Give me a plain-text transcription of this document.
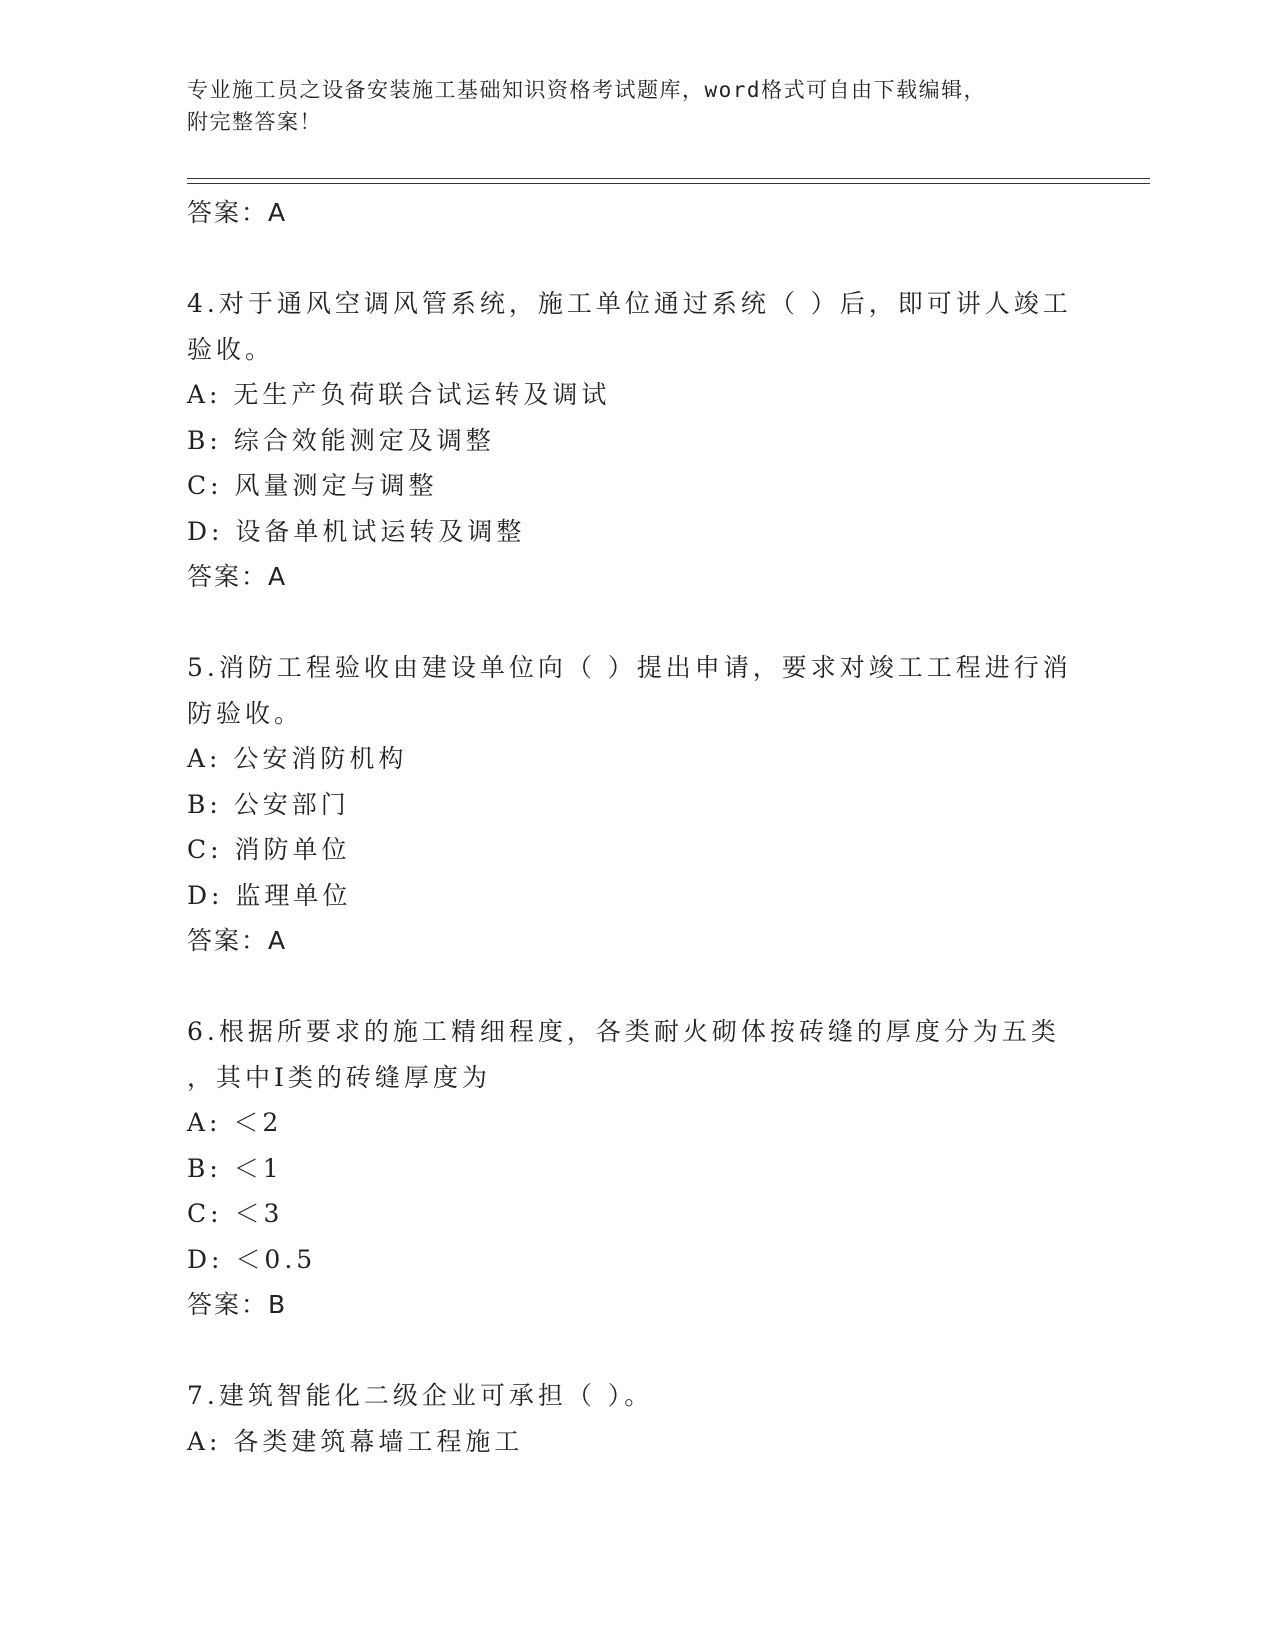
专业施工员之设备安装施工基础知识资格考试题库，word格式可自由下载编辑，
附完整答案！
答案：A
4.对于通风空调风管系统，施工单位通过系统（ ）后，即可讲人竣工
验收。
A: 无生产负荷联合试运转及调试
B: 综合效能测定及调整
C: 风量测定与调整
D: 设备单机试运转及调整
答案：A
5.消防工程验收由建设单位向（ ）提出申请，要求对竣工工程进行消
防验收。
A: 公安消防机构
B: 公安部门
C: 消防单位
D: 监理单位
答案：A
6.根据所要求的施工精细程度，各类耐火砌体按砖缝的厚度分为五类
，其中Ⅰ类的砖缝厚度为
A: ＜2
B: ＜1
C: ＜3
D: ＜0.5
答案：B
7.建筑智能化二级企业可承担（ ）。
A: 各类建筑幕墙工程施工
